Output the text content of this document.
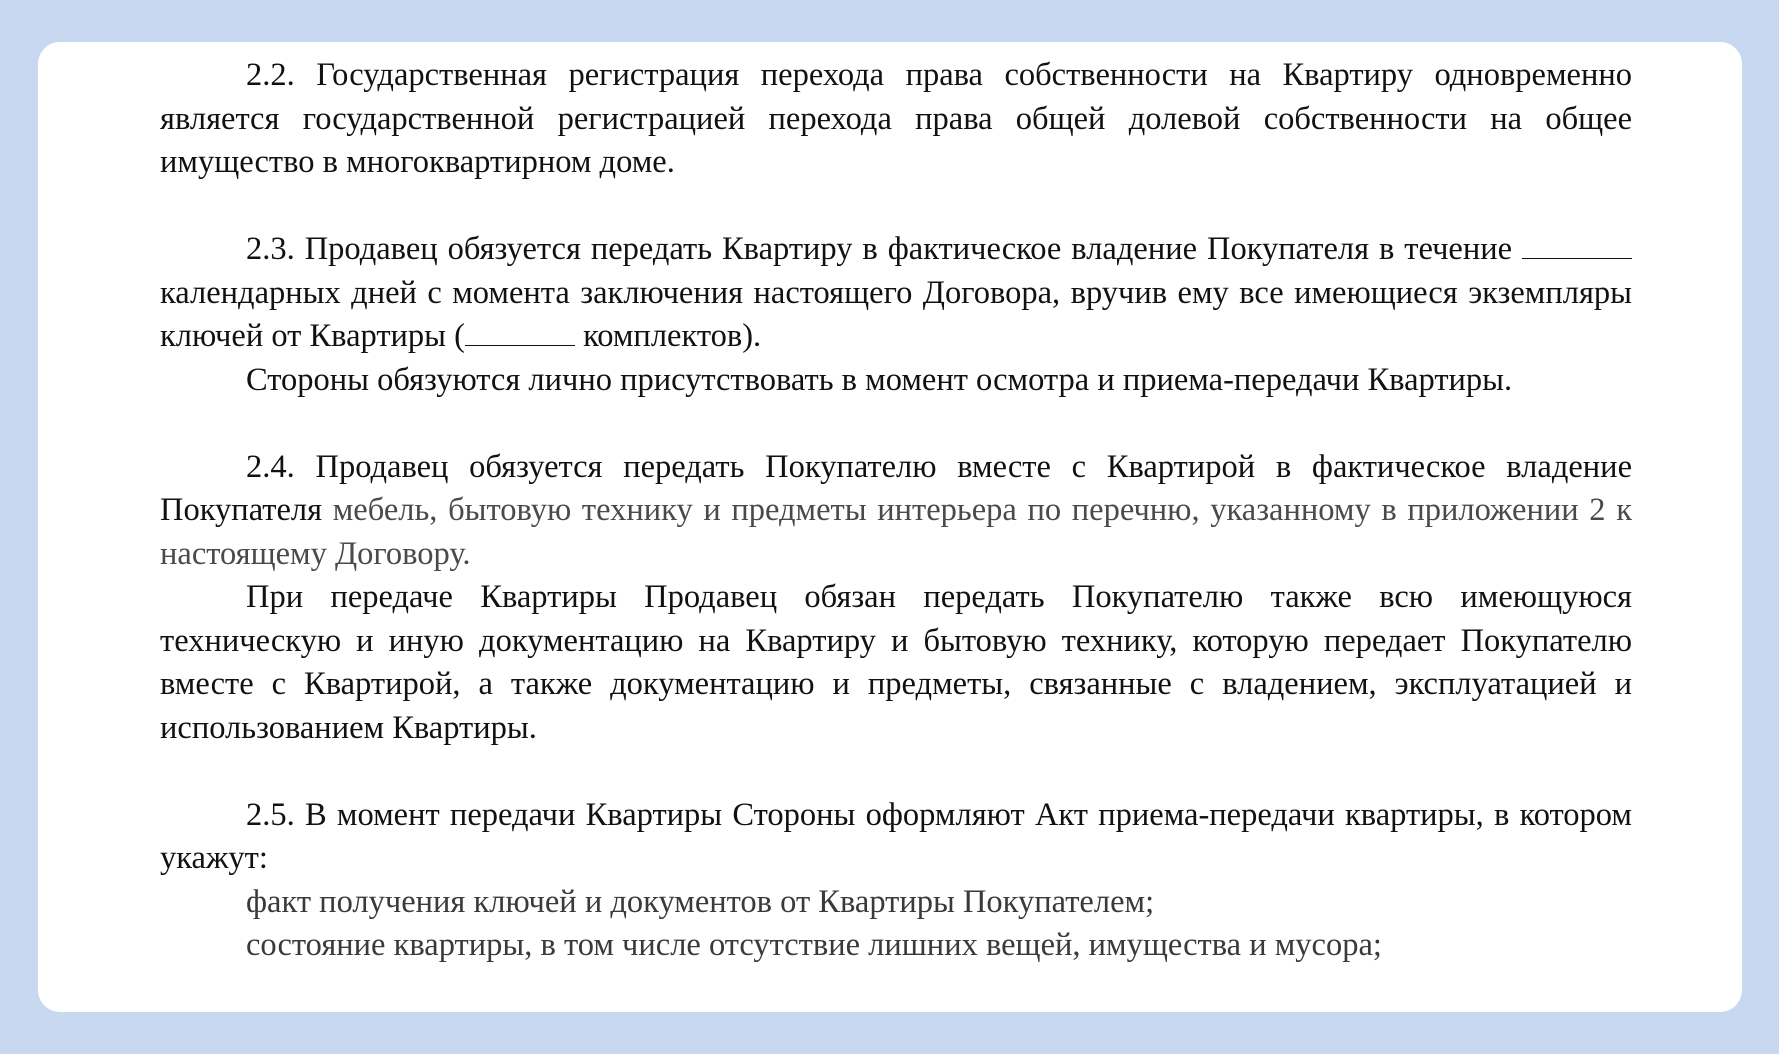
2.2. Государственная регистрация перехода права собственности на Квартиру одновременно является государственной регистрацией перехода права общей долевой собственности на общее имущество в многоквартирном доме.

2.3. Продавец обязуется передать Квартиру в фактическое владение Покупателя в течение  календарных дней с момента заключения настоящего Договора, вручив ему все имеющиеся экземпляры ключей от Квартиры (	комплектов).

Стороны обязуются лично присутствовать в момент осмотра и приема-передачи Квартиры.

2.4. Продавец обязуется передать Покупателю вместе с Квартирой в фактическое владение Покупателя мебель, бытовую технику и предметы интерьера по перечню, указанному в приложении 2 к настоящему Договору.

При передаче Квартиры Продавец обязан передать Покупателю также всю имеющуюся техническую и иную документацию на Квартиру и бытовую технику, которую передает Покупателю вместе с Квартирой, а также документацию и предметы, связанные с владением, эксплуатацией и использованием Квартиры.

2.5. В момент передачи Квартиры Стороны оформляют Акт приема-передачи квартиры, в котором укажут:

факт получения ключей и документов от Квартиры Покупателем;

состояние квартиры, в том числе отсутствие лишних вещей, имущества и мусора;
